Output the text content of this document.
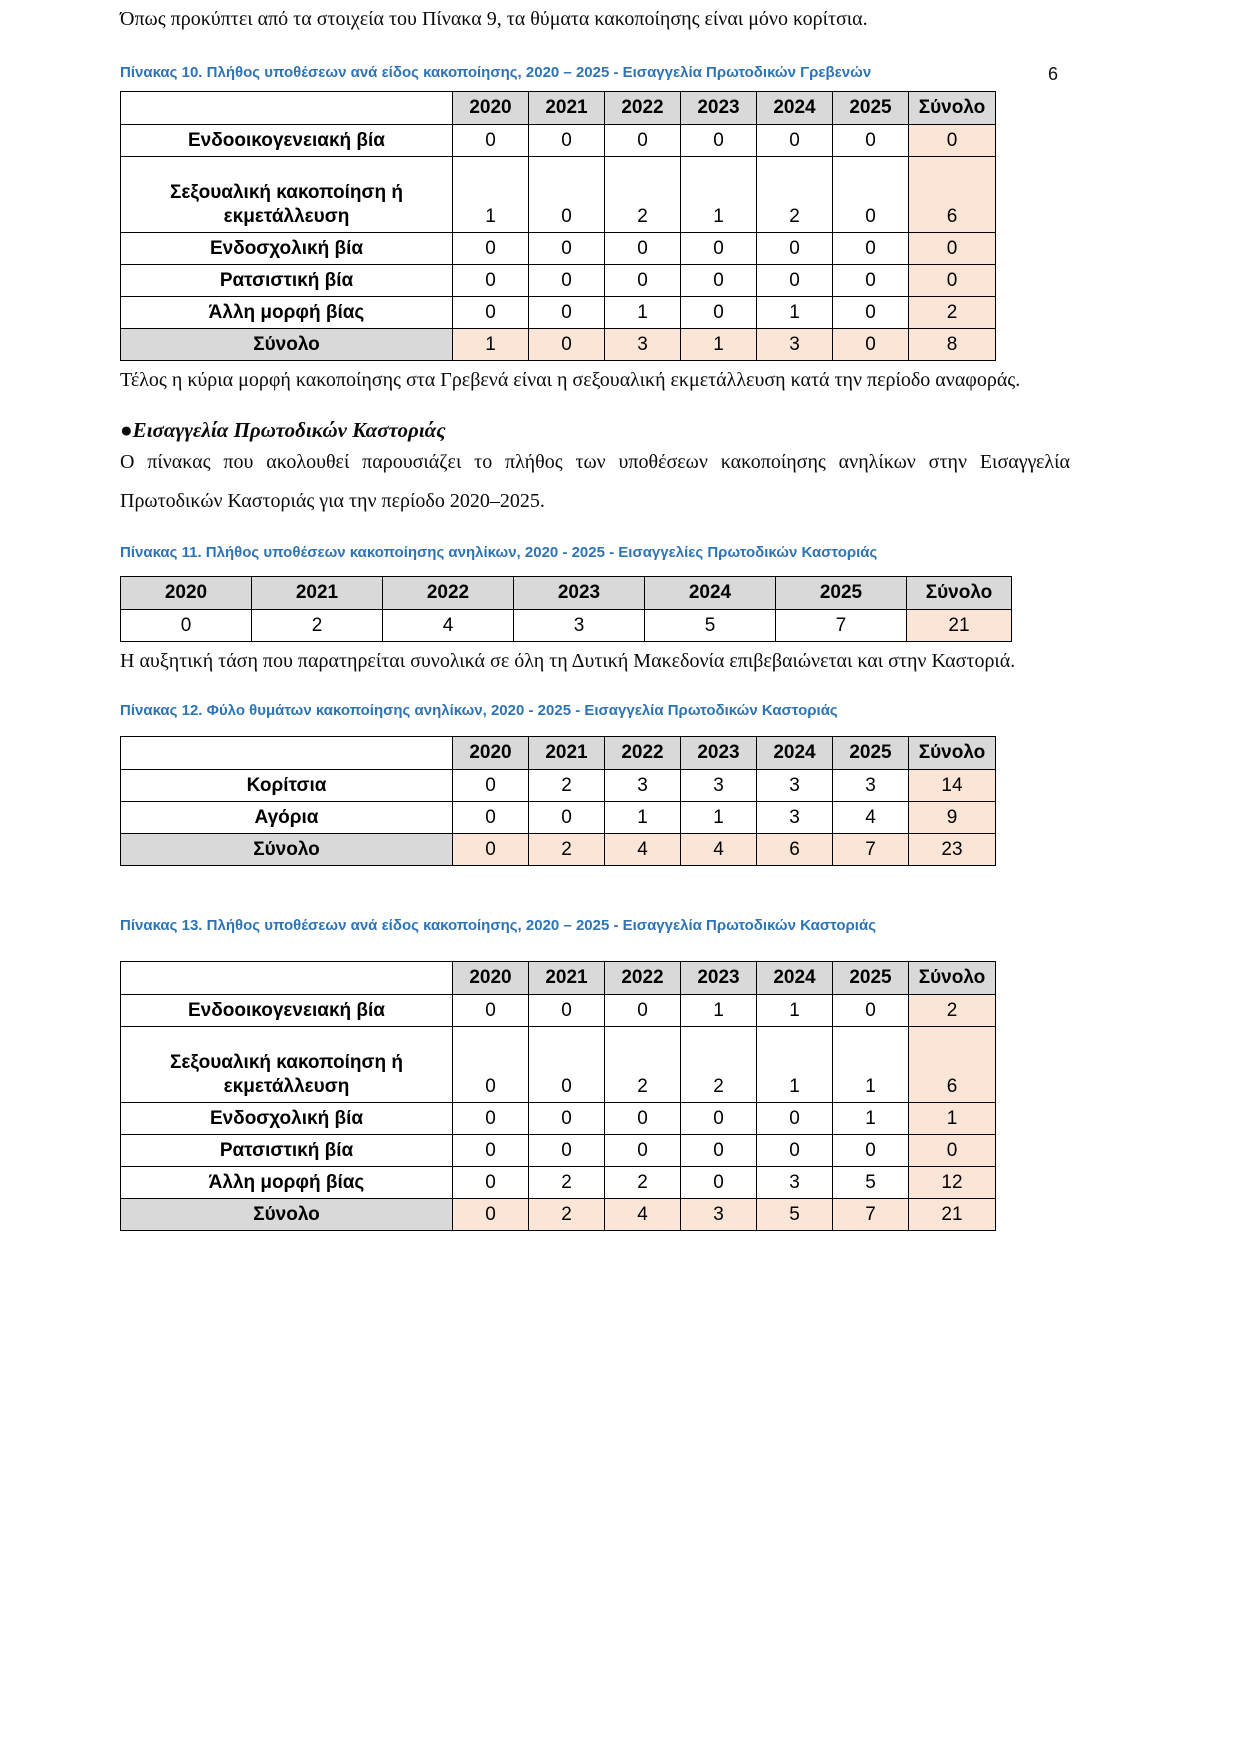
6

Όπως προκύπτει από τα στοιχεία του Πίνακα 9, τα θύματα κακοποίησης είναι μόνο κορίτσια.

Πίνακας 10. Πλήθος υποθέσεων ανά είδος κακοποίησης, 2020 – 2025 - Εισαγγελία Πρωτοδικών Γρεβενών

	2020	2021	2022	2023	2024	2025	Σύνολο
Ενδοοικογενειακή βία	0	0	0	0	0	0	0
Σεξουαλική κακοποίηση ή εκμετάλλευση	1	0	2	1	2	0	6
Ενδοσχολική βία	0	0	0	0	0	0	0
Ρατσιστική βία	0	0	0	0	0	0	0
Άλλη μορφή βίας	0	0	1	0	1	0	2
Σύνολο	1	0	3	1	3	0	8

Τέλος η κύρια μορφή κακοποίησης στα Γρεβενά είναι η σεξουαλική εκμετάλλευση κατά την περίοδο αναφοράς.

●Εισαγγελία Πρωτοδικών Καστοριάς

Ο πίνακας που ακολουθεί παρουσιάζει το πλήθος των υποθέσεων κακοποίησης ανηλίκων στην Εισαγγελία Πρωτοδικών Καστοριάς για την περίοδο 2020–2025.

Πίνακας 11. Πλήθος υποθέσεων κακοποίησης ανηλίκων, 2020 - 2025 - Εισαγγελίες Πρωτοδικών Καστοριάς

2020	2021	2022	2023	2024	2025	Σύνολο
0	2	4	3	5	7	21

Η αυξητική τάση που παρατηρείται συνολικά σε όλη τη Δυτική Μακεδονία επιβεβαιώνεται και στην Καστοριά.

Πίνακας 12. Φύλο θυμάτων κακοποίησης ανηλίκων, 2020 - 2025 - Εισαγγελία Πρωτοδικών Καστοριάς

	2020	2021	2022	2023	2024	2025	Σύνολο
Κορίτσια	0	2	3	3	3	3	14
Αγόρια	0	0	1	1	3	4	9
Σύνολο	0	2	4	4	6	7	23

Πίνακας 13. Πλήθος υποθέσεων ανά είδος κακοποίησης, 2020 – 2025 - Εισαγγελία Πρωτοδικών Καστοριάς

	2020	2021	2022	2023	2024	2025	Σύνολο
Ενδοοικογενειακή βία	0	0	0	1	1	0	2
Σεξουαλική κακοποίηση ή εκμετάλλευση	0	0	2	2	1	1	6
Ενδοσχολική βία	0	0	0	0	0	1	1
Ρατσιστική βία	0	0	0	0	0	0	0
Άλλη μορφή βίας	0	2	2	0	3	5	12
Σύνολο	0	2	4	3	5	7	21
